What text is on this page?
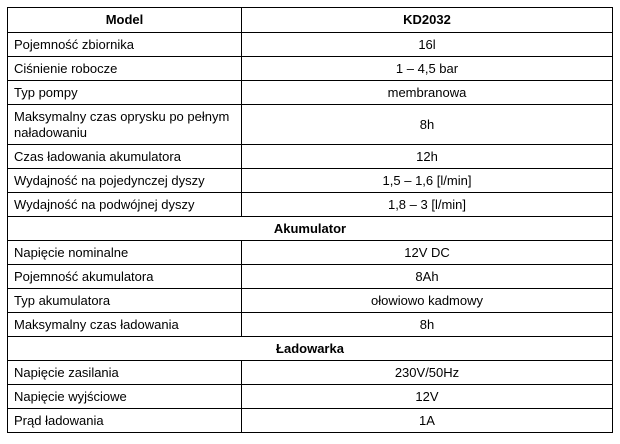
Model	KD2032
Pojemność zbiornika	16l
Ciśnienie robocze	1 – 4,5 bar
Typ pompy	membranowa
Maksymalny czas oprysku po pełnym naładowaniu	8h
Czas ładowania akumulatora	12h
Wydajność na pojedynczej dyszy	1,5 – 1,6 [l/min]
Wydajność na podwójnej dyszy	1,8 – 3 [l/min]
Akumulator	
Napięcie nominalne	12V DC
Pojemność akumulatora	8Ah
Typ akumulatora	ołowiowo kadmowy
Maksymalny czas ładowania	8h
Ładowarka	
Napięcie zasilania	230V/50Hz
Napięcie wyjściowe	12V
Prąd ładowania	1A
